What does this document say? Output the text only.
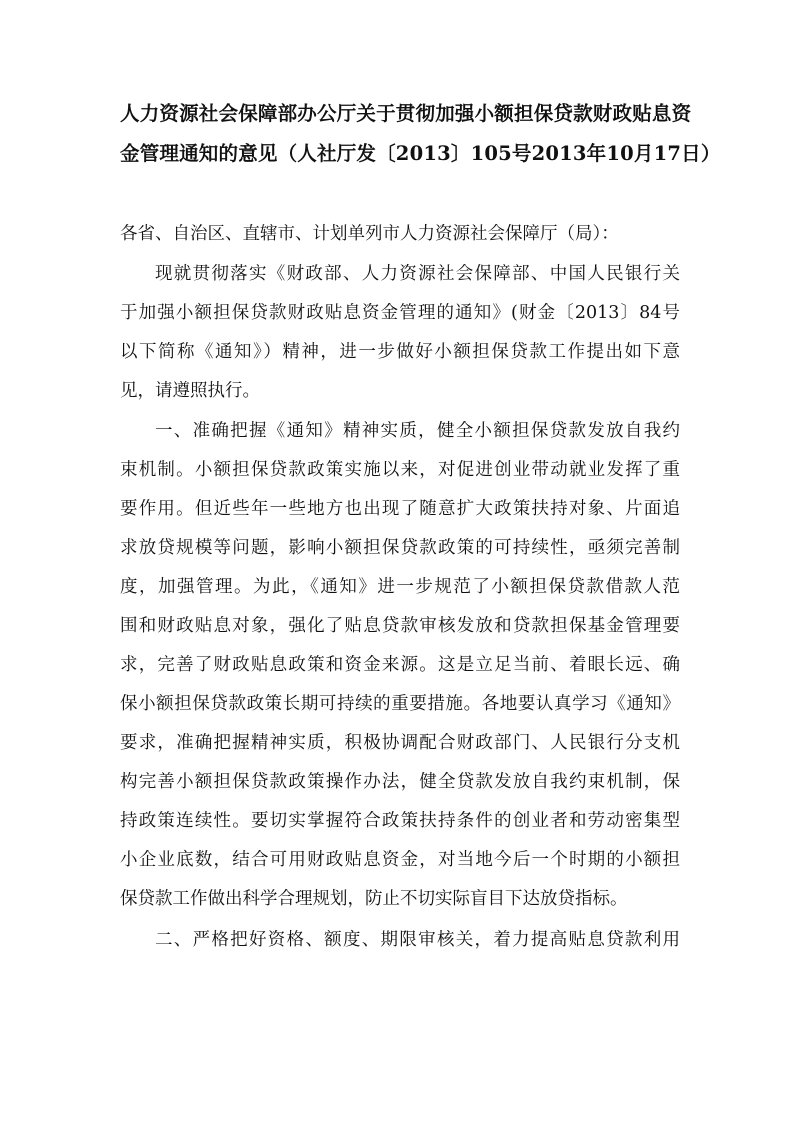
人力资源社会保障部办公厅关于贯彻加强小额担保贷款财政贴息资
金管理通知的意见（人社厅发〔2013〕105号2013年10月17日）
各省、自治区、直辖市、计划单列市人力资源社会保障厅（局）：
现就贯彻落实《财政部、人力资源社会保障部、中国人民银行关
于加强小额担保贷款财政贴息资金管理的通知》(财金〔2013〕84号
以下简称《通知》）精神，进一步做好小额担保贷款工作提出如下意
见，请遵照执行。
一、准确把握《通知》精神实质，健全小额担保贷款发放自我约
束机制。小额担保贷款政策实施以来，对促进创业带动就业发挥了重
要作用。但近些年一些地方也出现了随意扩大政策扶持对象、片面追
求放贷规模等问题，影响小额担保贷款政策的可持续性，亟须完善制
度，加强管理。为此，《通知》进一步规范了小额担保贷款借款人范
围和财政贴息对象，强化了贴息贷款审核发放和贷款担保基金管理要
求，完善了财政贴息政策和资金来源。这是立足当前、着眼长远、确
保小额担保贷款政策长期可持续的重要措施。各地要认真学习《通知》
要求，准确把握精神实质，积极协调配合财政部门、人民银行分支机
构完善小额担保贷款政策操作办法，健全贷款发放自我约束机制，保
持政策连续性。要切实掌握符合政策扶持条件的创业者和劳动密集型
小企业底数，结合可用财政贴息资金，对当地今后一个时期的小额担
保贷款工作做出科学合理规划，防止不切实际盲目下达放贷指标。
二、严格把好资格、额度、期限审核关，着力提高贴息贷款利用
